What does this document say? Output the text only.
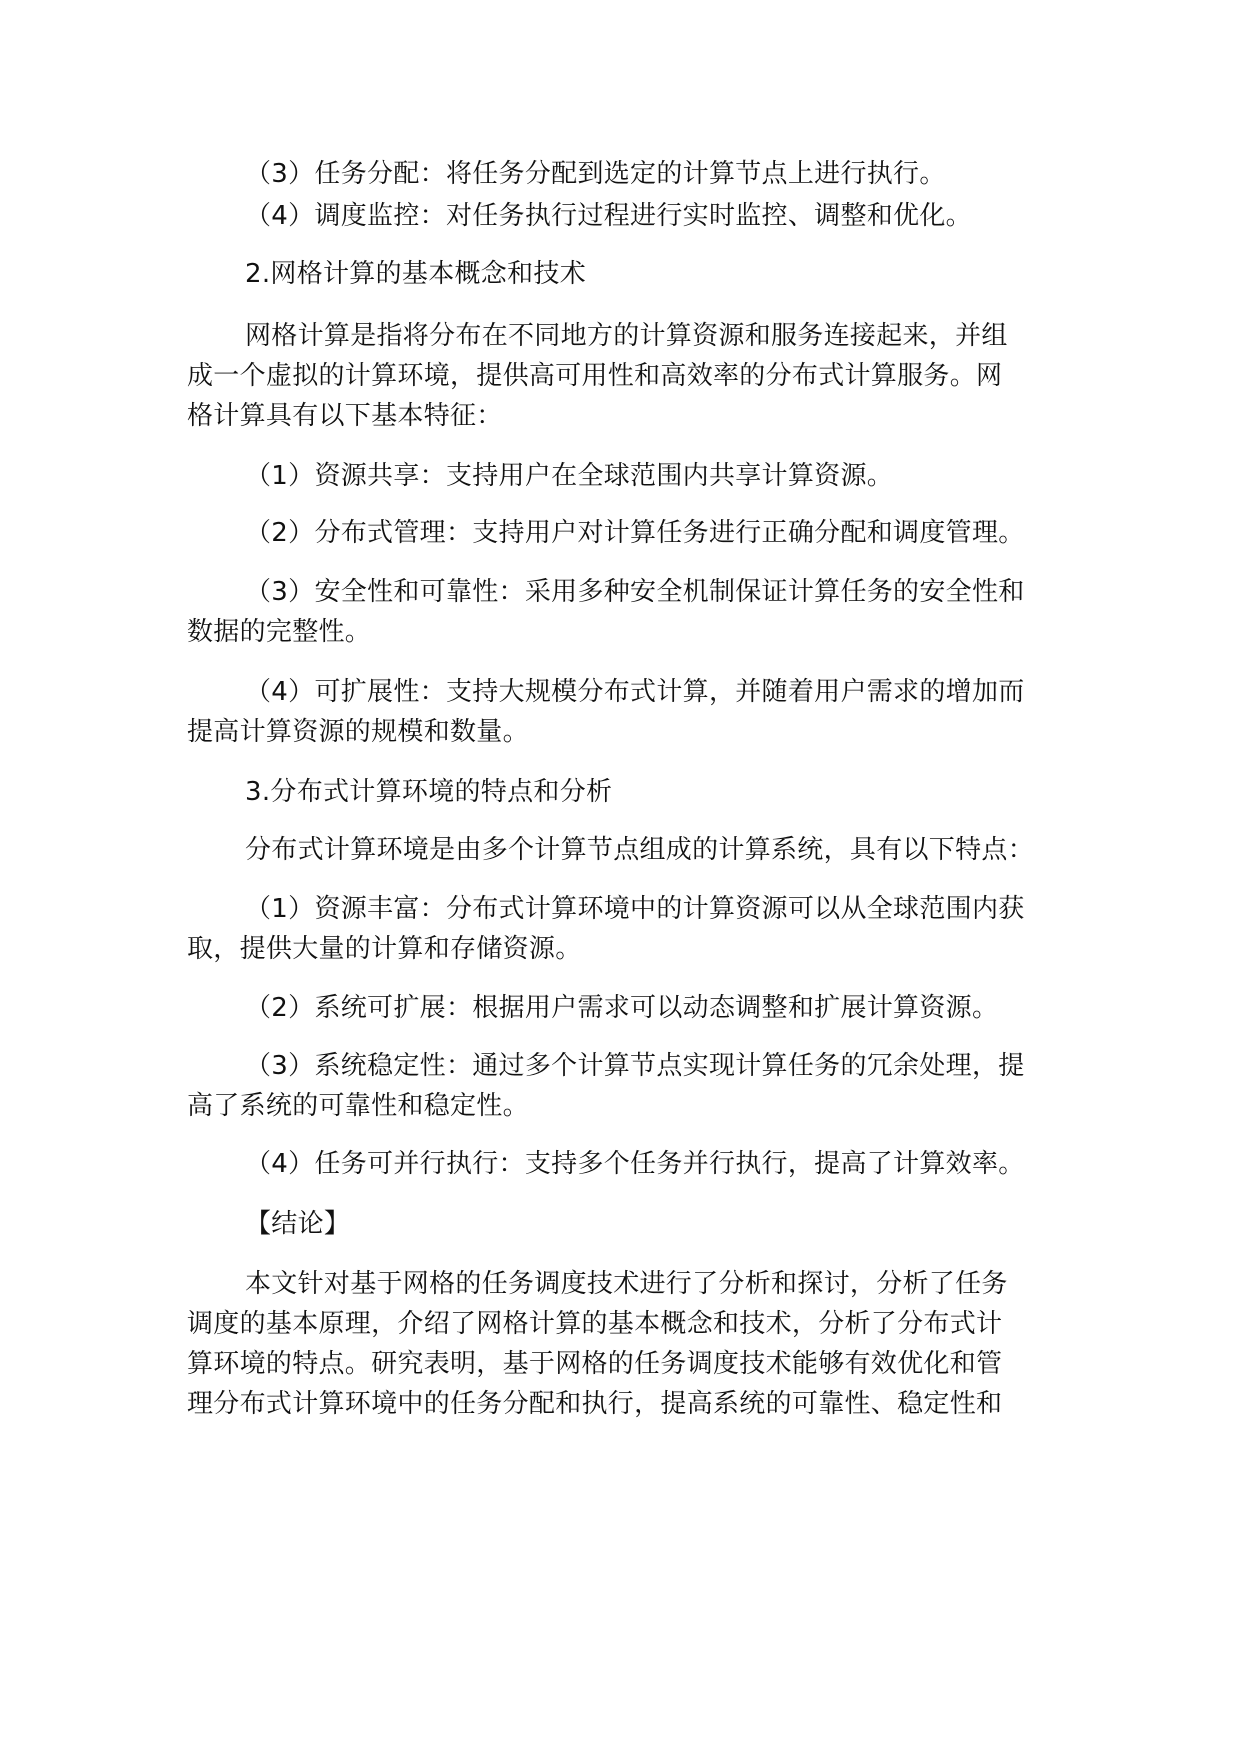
（3）任务分配：将任务分配到选定的计算节点上进行执行。
（4）调度监控：对任务执行过程进行实时监控、调整和优化。
2.网格计算的基本概念和技术
网格计算是指将分布在不同地方的计算资源和服务连接起来，并组
成一个虚拟的计算环境，提供高可用性和高效率的分布式计算服务。网
格计算具有以下基本特征：
（1）资源共享：支持用户在全球范围内共享计算资源。
（2）分布式管理：支持用户对计算任务进行正确分配和调度管理。
（3）安全性和可靠性：采用多种安全机制保证计算任务的安全性和
数据的完整性。
（4）可扩展性：支持大规模分布式计算，并随着用户需求的增加而
提高计算资源的规模和数量。
3.分布式计算环境的特点和分析
分布式计算环境是由多个计算节点组成的计算系统，具有以下特点：
（1）资源丰富：分布式计算环境中的计算资源可以从全球范围内获
取，提供大量的计算和存储资源。
（2）系统可扩展：根据用户需求可以动态调整和扩展计算资源。
（3）系统稳定性：通过多个计算节点实现计算任务的冗余处理，提
高了系统的可靠性和稳定性。
（4）任务可并行执行：支持多个任务并行执行，提高了计算效率。
【结论】
本文针对基于网格的任务调度技术进行了分析和探讨，分析了任务
调度的基本原理，介绍了网格计算的基本概念和技术，分析了分布式计
算环境的特点。研究表明，基于网格的任务调度技术能够有效优化和管
理分布式计算环境中的任务分配和执行，提高系统的可靠性、稳定性和
